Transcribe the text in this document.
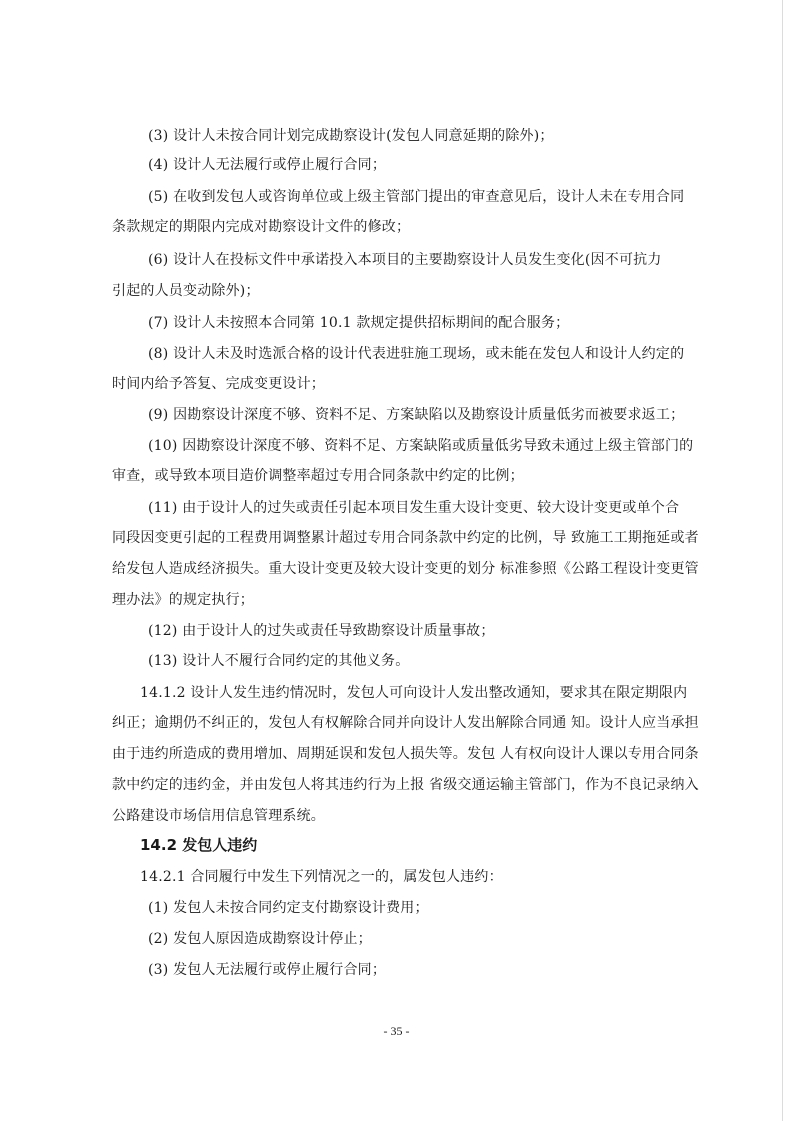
(3) 设计人未按合同计划完成勘察设计(发包人同意延期的除外)；
(4) 设计人无法履行或停止履行合同；
(5) 在收到发包人或咨询单位或上级主管部门提出的审查意见后，设计人未在专用合同
条款规定的期限内完成对勘察设计文件的修改；
(6) 设计人在投标文件中承诺投入本项目的主要勘察设计人员发生变化(因不可抗力
引起的人员变动除外)；
(7) 设计人未按照本合同第 10.1 款规定提供招标期间的配合服务；
(8) 设计人未及时选派合格的设计代表进驻施工现场，或未能在发包人和设计人约定的
时间内给予答复、完成变更设计；
(9) 因勘察设计深度不够、资料不足、方案缺陷以及勘察设计质量低劣而被要求返工；
(10) 因勘察设计深度不够、资料不足、方案缺陷或质量低劣导致未通过上级主管部门的
审查，或导致本项目造价调整率超过专用合同条款中约定的比例；
(11) 由于设计人的过失或责任引起本项目发生重大设计变更、较大设计变更或单个合
同段因变更引起的工程费用调整累计超过专用合同条款中约定的比例，导 致施工工期拖延或者
给发包人造成经济损失。重大设计变更及较大设计变更的划分 标准参照《公路工程设计变更管
理办法》的规定执行；
(12) 由于设计人的过失或责任导致勘察设计质量事故；
(13) 设计人不履行合同约定的其他义务。
14.1.2 设计人发生违约情况时，发包人可向设计人发出整改通知，要求其在限定期限内
纠正；逾期仍不纠正的，发包人有权解除合同并向设计人发出解除合同通 知。设计人应当承担
由于违约所造成的费用增加、周期延误和发包人损失等。发包 人有权向设计人课以专用合同条
款中约定的违约金，并由发包人将其违约行为上报 省级交通运输主管部门，作为不良记录纳入
公路建设市场信用信息管理系统。
14.2 发包人违约
14.2.1 合同履行中发生下列情况之一的，属发包人违约：
(1) 发包人未按合同约定支付勘察设计费用；
(2) 发包人原因造成勘察设计停止；
(3) 发包人无法履行或停止履行合同；
- 35 -
